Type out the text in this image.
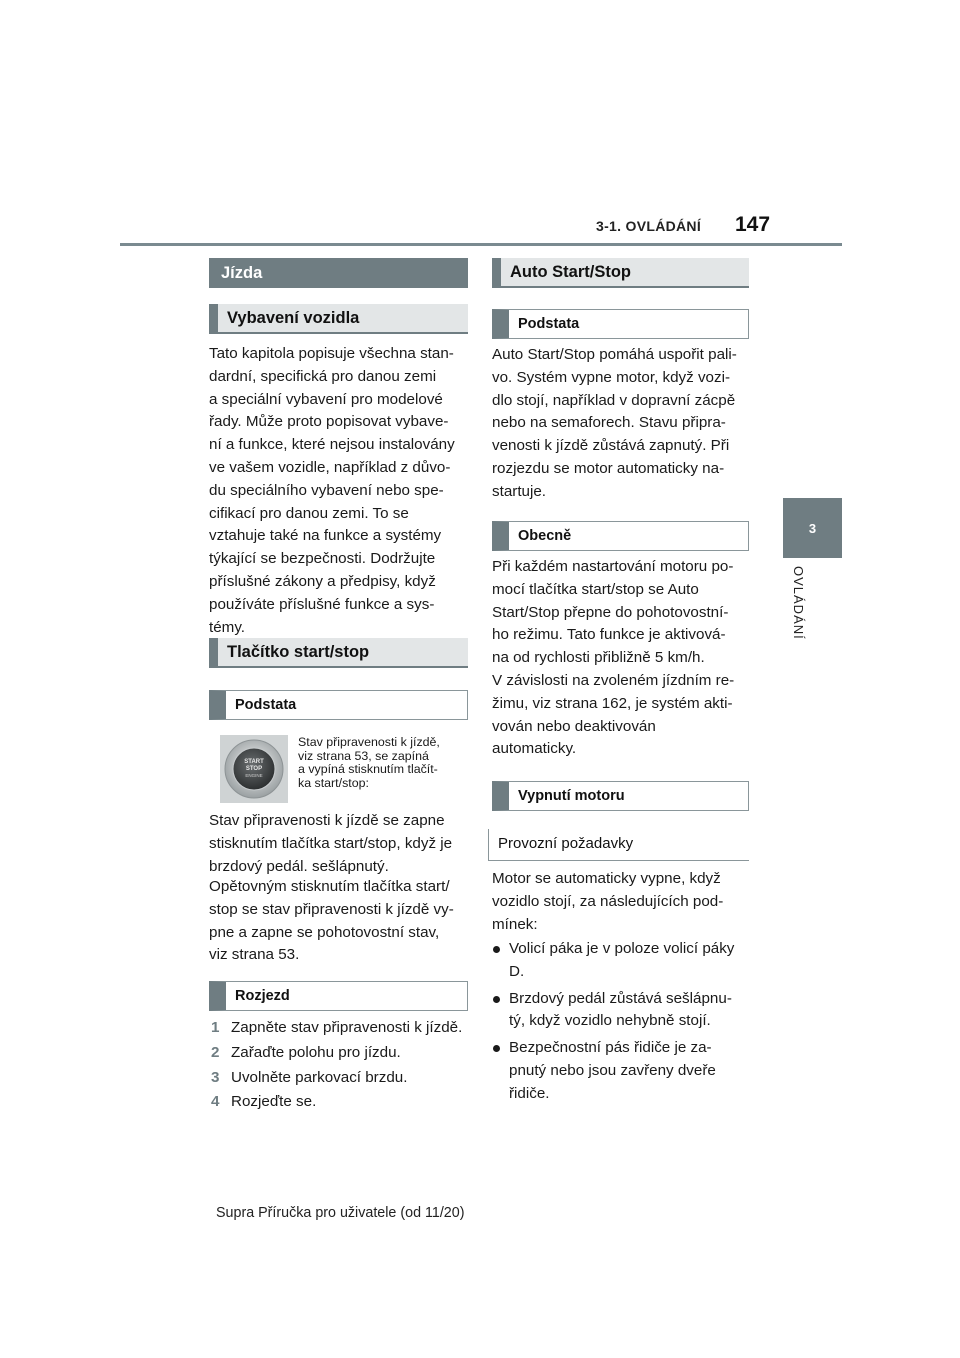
3-1. OVLÁDÁNÍ 147
3
OVLÁDÁNÍ
Jízda
Vybavení vozidla

Tato kapitola popisuje všechna stan-

dardní, specifická pro danou zemi

a speciální vybavení pro modelové

řady. Může proto popisovat vybave-

ní a funkce, které nejsou instalovány

ve vašem vozidle, například z důvo-

du speciálního vybavení nebo spe-

cifikací pro danou zemi. To se

vztahuje také na funkce a systémy

týkající se bezpečnosti. Dodržujte

příslušné zákony a předpisy, když

používáte příslušné funkce a sys-

témy.

Tlačítko start/stop
Podstata
START
STOP
ENGINE

Stav připravenosti k jízdě,

viz strana 53, se zapíná

a vypíná stisknutím tlačít-

ka start/stop:

Stav připravenosti k jízdě se zapne

stisknutím tlačítka start/stop, když je

brzdový pedál. sešlápnutý.

Opětovným stisknutím tlačítka start/

stop se stav připravenosti k jízdě vy-

pne a zapne se pohotovostní stav,

viz strana 53.

Rozjezd
1 Zapněte stav připravenosti k jízdě.
2 Zařaďte polohu pro jízdu.
3 Uvolněte parkovací brzdu.
4 Rozjeďte se.
Auto Start/Stop
Podstata

Auto Start/Stop pomáhá uspořit pali-

vo. Systém vypne motor, když vozi-

dlo stojí, například v dopravní zácpě

nebo na semaforech. Stavu připra-

venosti k jízdě zůstává zapnutý. Při

rozjezdu se motor automaticky na-

startuje.

Obecně

Při každém nastartování motoru po-

mocí tlačítka start/stop se Auto

Start/Stop přepne do pohotovostní-

ho režimu. Tato funkce je aktivová-

na od rychlosti přibližně 5 km/h.

V závislosti na zvoleném jízdním re-

žimu, viz strana 162, je systém akti-

vován nebo deaktivován

automaticky.

Vypnutí motoru
Provozní požadavky

Motor se automaticky vypne, když

vozidlo stojí, za následujících pod-

mínek:

Volicí páka je v poloze volicí páky
D.
Brzdový pedál zůstává sešlápnu-
tý, když vozidlo nehybně stojí.
Bezpečnostní pás řidiče je za-
pnutý nebo jsou zavřeny dveře
řidiče.
Supra Příručka pro uživatele (od 11/20)
